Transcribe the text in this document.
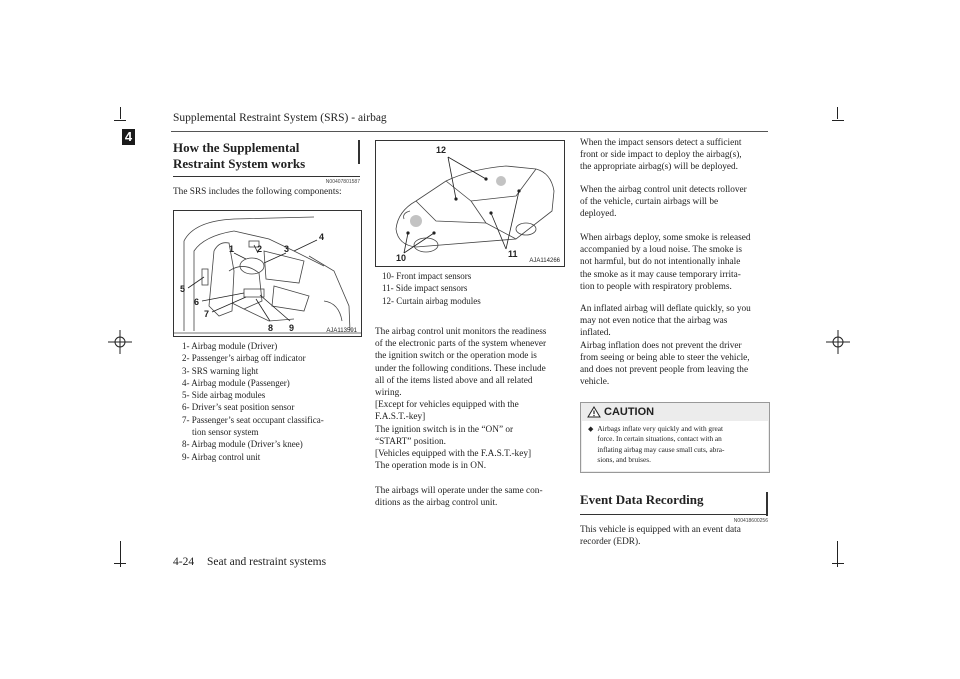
Supplemental Restraint System (SRS) - airbag
4
How the Supplemental
Restraint System works
N00407801587
The SRS includes the following components:
1	2 3
4
5
6
7
8 9	AJA113591
1- Airbag module (Driver)
2- Passenger’s airbag off indicator
3- SRS warning light
4- Airbag module (Passenger)
5- Side airbag modules
6- Driver’s seat position sensor
7- Passenger’s seat occupant classifica-
tion sensor system
8- Airbag module (Driver’s knee)
9- Airbag control unit
12
10	11
AJA114266
10- Front impact sensors
11- Side impact sensors
12- Curtain airbag modules
The airbag control unit monitors the readiness
of the electronic parts of the system whenever
the ignition switch or the operation mode is
under the following conditions. These include
all of the items listed above and all related
wiring.
[Except for vehicles equipped with the
F.A.S.T.-key]
The ignition switch is in the “ON” or
“START” position.
[Vehicles equipped with the F.A.S.T.-key]
The operation mode is in ON.
The airbags will operate under the same con-
ditions as the airbag control unit.
When the impact sensors detect a sufficient
front or side impact to deploy the airbag(s),
the appropriate airbag(s) will be deployed.
When the airbag control unit detects rollover
of the vehicle, curtain airbags will be
deployed.
When airbags deploy, some smoke is released
accompanied by a loud noise. The smoke is
not harmful, but do not intentionally inhale
the smoke as it may cause temporary irrita-
tion to people with respiratory problems.
An inflated airbag will deflate quickly, so you
may not even notice that the airbag was
inflated.
Airbag inflation does not prevent the driver
from seeing or being able to steer the vehicle,
and does not prevent people from leaving the
vehicle.
CAUTION
◆ Airbags inflate very quickly and with great
force. In certain situations, contact with an
inflating airbag may cause small cuts, abra-
sions, and bruises.
Event Data Recording
N00418600256
This vehicle is equipped with an event data
recorder (EDR).
4-24 Seat and restraint systems
